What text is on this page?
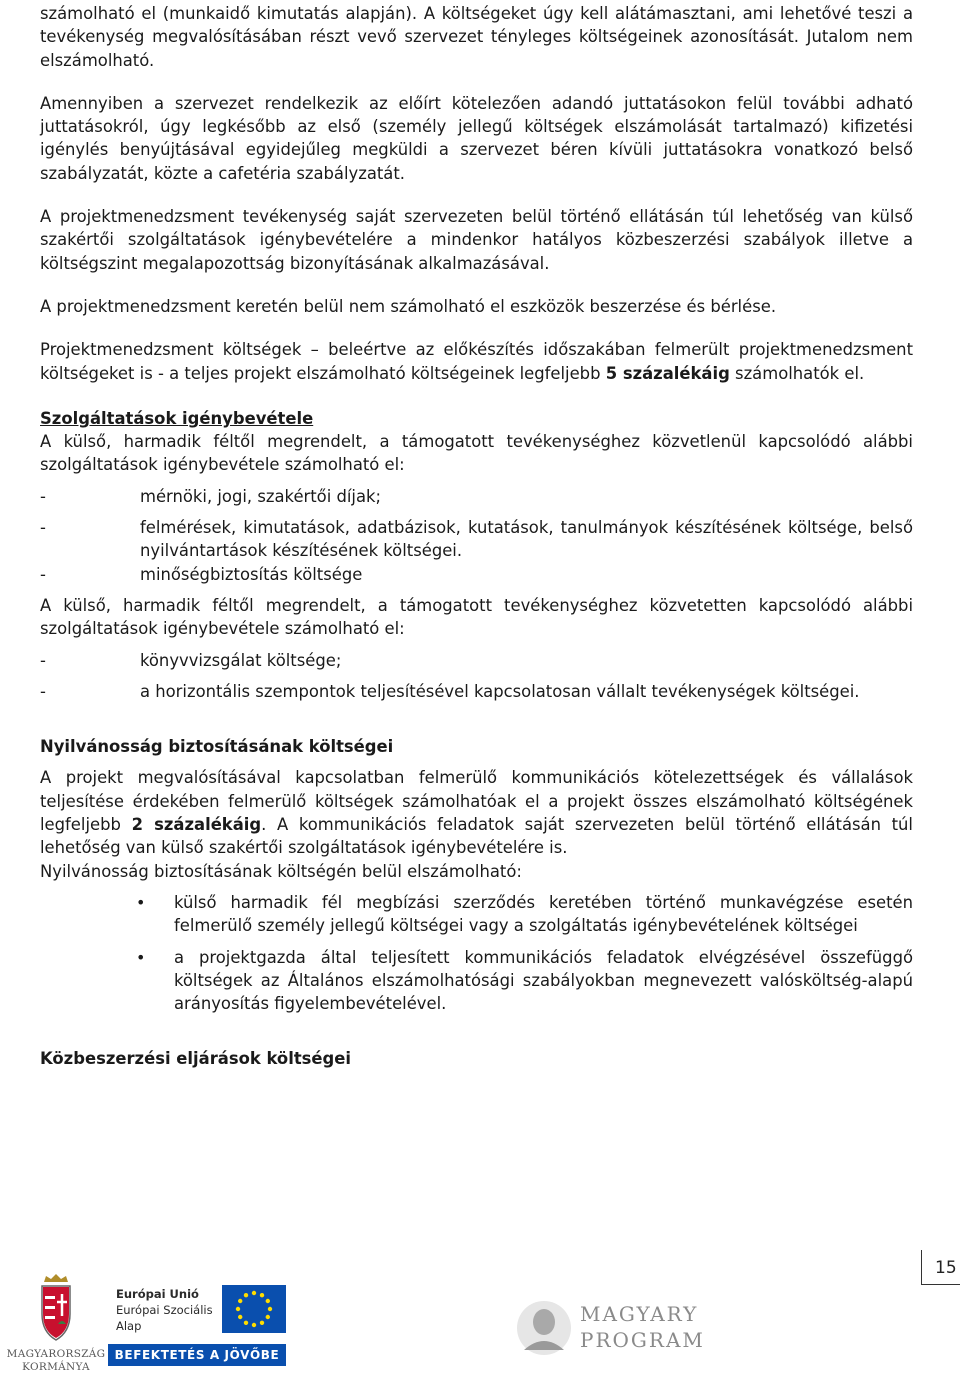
számolható el (munkaidő kimutatás alapján). A költségeket úgy kell alátámasztani, ami lehetővé teszi a tevékenység megvalósításában részt vevő szervezet tényleges költségeinek azonosítását. Jutalom nem elszámolható.

Amennyiben a szervezet rendelkezik az előírt kötelezően adandó juttatásokon felül további adható juttatásokról, úgy legkésőbb az első (személy jellegű költségek elszámolását tartalmazó) kifizetési igénylés benyújtásával egyidejűleg megküldi a szervezet béren kívüli juttatásokra vonatkozó belső szabályzatát, közte a cafetéria szabályzatát.

A projektmenedzsment tevékenység saját szervezeten belül történő ellátásán túl lehetőség van külső szakértői szolgáltatások igénybevételére a mindenkor hatályos közbeszerzési szabályok illetve a költségszint megalapozottság bizonyításának alkalmazásával.

A projektmenedzsment keretén belül nem számolható el eszközök beszerzése és bérlése.

Projektmenedzsment költségek – beleértve az előkészítés időszakában felmerült projektmenedzsment költségeket is - a teljes projekt elszámolható költségeinek legfeljebb 5 százalékáig számolhatók el.

Szolgáltatások igénybevétele

A külső, harmadik féltől megrendelt, a támogatott tevékenységhez közvetlenül kapcsolódó alábbi szolgáltatások igénybevétele számolható el:

-	mérnöki, jogi, szakértői díjak;
-	felmérések, kimutatások, adatbázisok, kutatások, tanulmányok készítésének költsége, belső nyilvántartások készítésének költségei.
-	minőségbiztosítás költsége

A külső, harmadik féltől megrendelt, a támogatott tevékenységhez közvetetten kapcsolódó alábbi szolgáltatások igénybevétele számolható el:

-	könyvvizsgálat költsége;
-	a horizontális szempontok teljesítésével kapcsolatosan vállalt tevékenységek költségei.

Nyilvánosság biztosításának költségei

A projekt megvalósításával kapcsolatban felmerülő kommunikációs kötelezettségek és vállalások teljesítése érdekében felmerülő költségek számolhatóak el a projekt összes elszámolható költségének legfeljebb 2 százalékáig. A kommunikációs feladatok saját szervezeten belül történő ellátásán túl lehetőség van külső szakértői szolgáltatások igénybevételére is.

Nyilvánosság biztosításának költségén belül elszámolható:

•	külső harmadik fél megbízási szerződés keretében történő munkavégzése esetén felmerülő személy jellegű költségei vagy a szolgáltatás igénybevételének költségei
•	a projektgazda által teljesített kommunikációs feladatok elvégzésével összefüggő költségek az Általános elszámolhatósági szabályokban megnevezett valósköltség-alapú arányosítás figyelembevételével.

Közbeszerzési eljárások költségei

15
MAGYARORSZÁG
KORMÁNYA
Európai Unió
Európai Szociális
Alap
BEFEKTETÉS A JÖVŐBE
MAGYARY
PROGRAM
